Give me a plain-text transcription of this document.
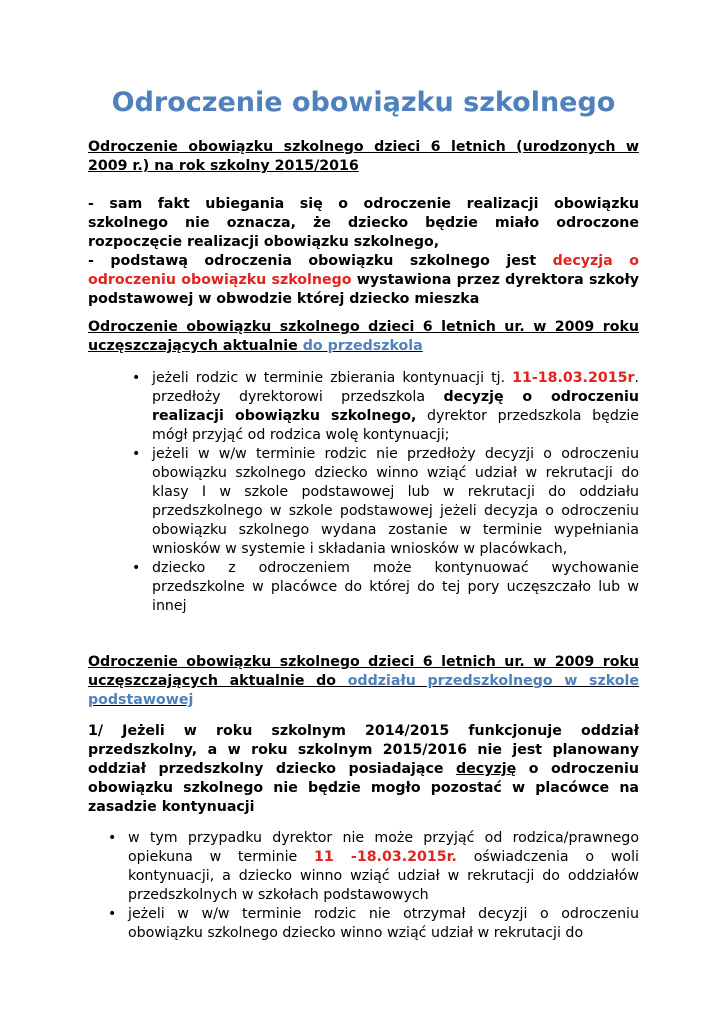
Odroczenie obowiązku szkolnego

Odroczenie obowiązku szkolnego dzieci 6 letnich (urodzonych w 2009 r.) na rok szkolny 2015/2016

- sam fakt ubiegania się o odroczenie realizacji obowiązku szkolnego nie oznacza, że dziecko będzie miało odroczone rozpoczęcie realizacji obowiązku szkolnego,

- podstawą odroczenia obowiązku szkolnego jest decyzja o odroczeniu obowiązku szkolnego wystawiona przez dyrektora szkoły podstawowej w obwodzie której dziecko mieszka

Odroczenie obowiązku szkolnego dzieci 6 letnich ur. w 2009 roku uczęszczających aktualnie do przedszkola

• jeżeli rodzic w terminie zbierania kontynuacji tj. 11-18.03.2015r. przedłoży dyrektorowi przedszkola decyzję o odroczeniu realizacji obowiązku szkolnego, dyrektor przedszkola będzie mógł przyjąć od rodzica wolę kontynuacji;

• jeżeli w w/w terminie rodzic nie przedłoży decyzji o odroczeniu obowiązku szkolnego dziecko winno wziąć udział w rekrutacji do klasy I w szkole podstawowej lub w rekrutacji do oddziału przedszkolnego w szkole podstawowej jeżeli decyzja o odroczeniu obowiązku szkolnego wydana zostanie w terminie wypełniania wniosków w systemie i składania wniosków w placówkach,

• dziecko z odroczeniem może kontynuować wychowanie przedszkolne w placówce do której do tej pory uczęszczało lub w innej

Odroczenie obowiązku szkolnego dzieci 6 letnich ur. w 2009 roku uczęszczających aktualnie do oddziału przedszkolnego w szkole podstawowej

1/ Jeżeli w roku szkolnym 2014/2015 funkcjonuje oddział przedszkolny, a w roku szkolnym 2015/2016 nie jest planowany oddział przedszkolny dziecko posiadające decyzję o odroczeniu obowiązku szkolnego nie będzie mogło pozostać w placówce na zasadzie kontynuacji

• w tym przypadku dyrektor nie może przyjąć od rodzica/prawnego opiekuna w terminie 11 -18.03.2015r. oświadczenia o woli kontynuacji, a dziecko winno wziąć udział w rekrutacji do oddziałów przedszkolnych w szkołach podstawowych

• jeżeli w w/w terminie rodzic nie otrzymał decyzji o odroczeniu obowiązku szkolnego dziecko winno wziąć udział w rekrutacji do
